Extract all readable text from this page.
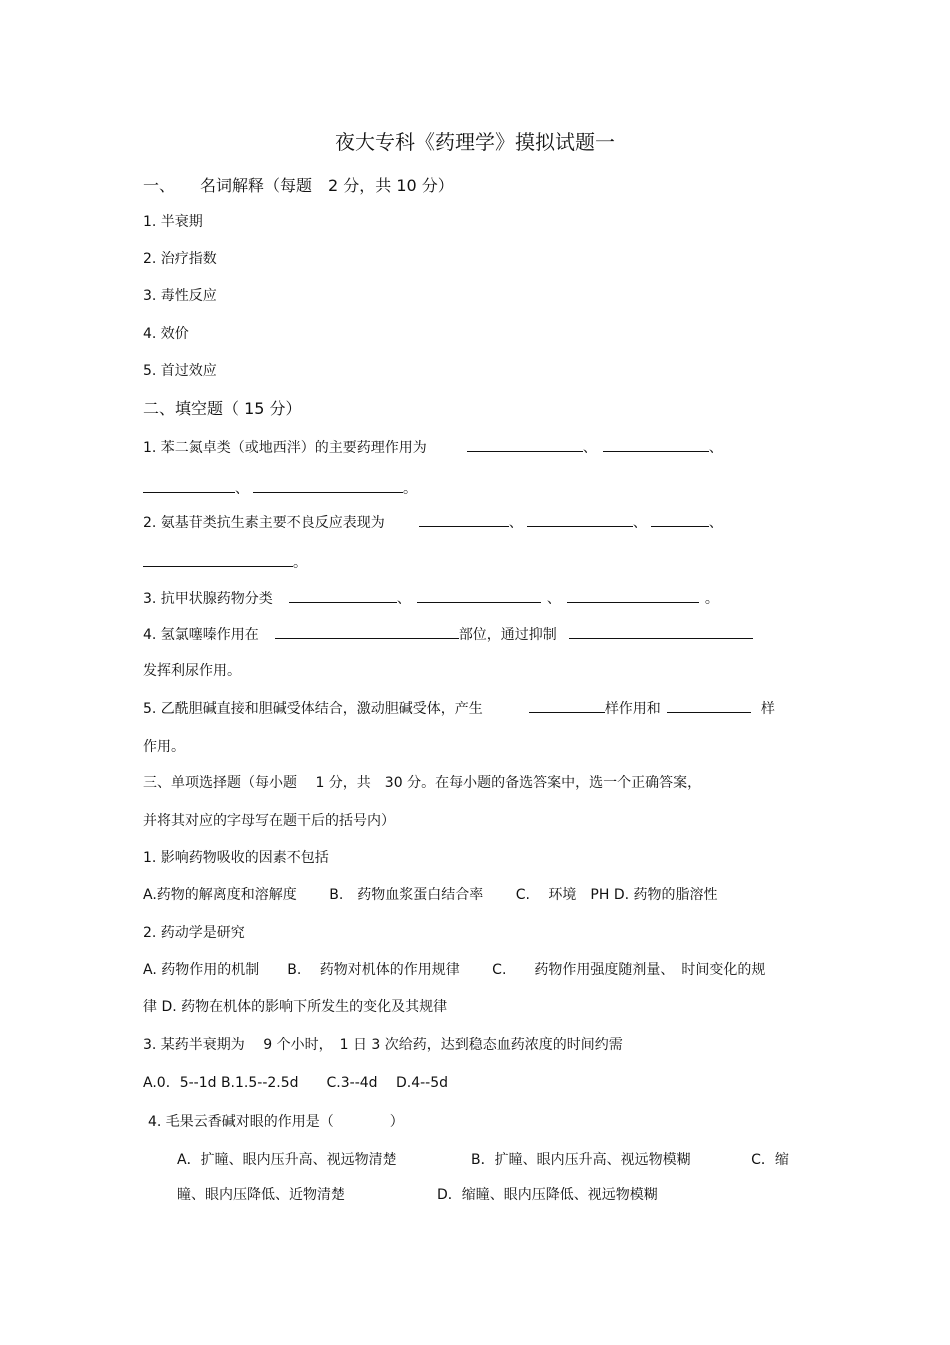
夜大专科《药理学》摸拟试题一
一、 名词解释（每题　2 分，共 10 分）
1. 半衰期
2. 治疗指数
3. 毒性反应
4. 效价
5. 首过效应
二、填空题（ 15 分）
1. 苯二氮卓类（或地西泮）的主要药理作用为	、	、
、	。
2. 氨基苷类抗生素主要不良反应表现为	、	、	、
。
3. 抗甲状腺药物分类	、	、	。
4. 氢氯噻嗪作用在	部位，通过抑制
发挥利尿作用。
5. 乙酰胆碱直接和胆碱受体结合，激动胆碱受体，产生	样作用和	样
作用。
三、单项选择题（每小题　 1 分，共　30 分。在每小题的备选答案中，选一个正确答案，
并将其对应的字母写在题干后的括号内）
1. 影响药物吸收的因素不包括
A.药物的解离度和溶解度　　 B.　药物血浆蛋白结合率　　 C.　 环境　PH D. 药物的脂溶性
2. 药动学是研究
A. 药物作用的机制　　B.　 药物对机体的作用规律　　 C.　　药物作用强度随剂量、　时间变化的规
律 D. 药物在机体的影响下所发生的变化及其规律
3. 某药半衰期为　 9 个小时，　1 日 3 次给药，达到稳态血药浓度的时间约需
A.0．5--1d B.1.5--2.5d　　C.3--4d　 D.4--5d
4. 毛果云香碱对眼的作用是（　　　　）
A．扩瞳、眼内压升高、视远物清楚　　　　　 B．扩瞳、眼内压升高、视远物模糊　　　　 C．缩
瞳、眼内压降低、近物清楚	D．缩瞳、眼内压降低、视远物模糊
